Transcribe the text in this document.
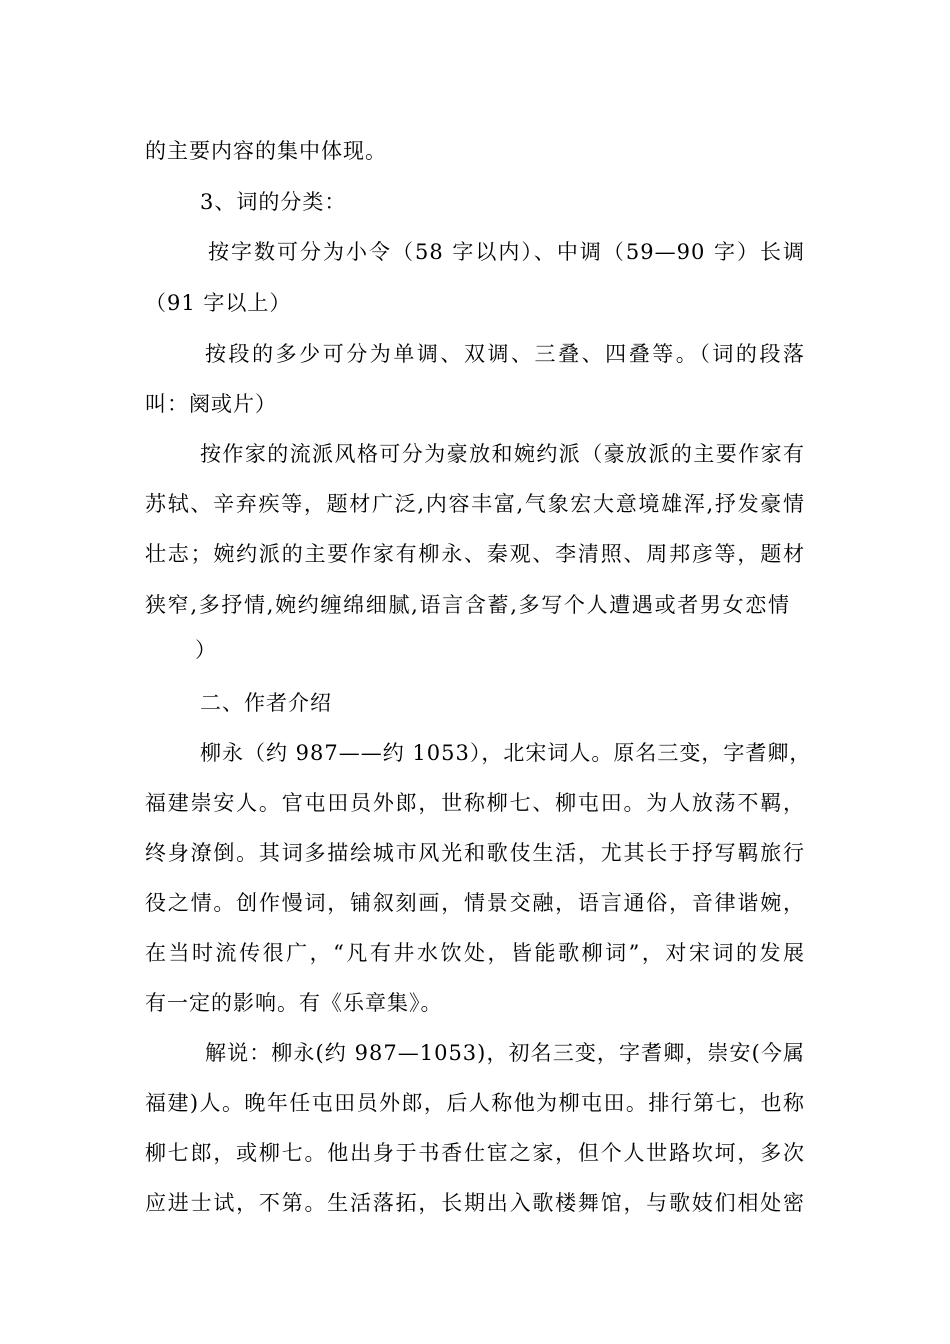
的主要内容的集中体现。
3、词的分类：
按字数可分为小令（58 字以内）、中调（59—90 字）长调
（91 字以上）
按段的多少可分为单调、双调、三叠、四叠等。（词的段落
叫：阕或片）
按作家的流派风格可分为豪放和婉约派（豪放派的主要作家有
苏轼、辛弃疾等，题材广泛,内容丰富,气象宏大意境雄浑,抒发豪情
壮志；婉约派的主要作家有柳永、秦观、李清照、周邦彦等，题材
狭窄,多抒情,婉约缠绵细腻,语言含蓄,多写个人遭遇或者男女恋情
）
二、作者介绍
柳永（约 987——约 1053），北宋词人。原名三变，字耆卿，
福建崇安人。官屯田员外郎，世称柳七、柳屯田。为人放荡不羁，
终身潦倒。其词多描绘城市风光和歌伎生活，尤其长于抒写羁旅行
役之情。创作慢词，铺叙刻画，情景交融，语言通俗，音律谐婉，
在当时流传很广，“凡有井水饮处，皆能歌柳词”，对宋词的发展
有一定的影响。有《乐章集》。
解说：柳永(约 987—1053)，初名三变，字耆卿，崇安(今属
福建)人。晚年任屯田员外郎，后人称他为柳屯田。排行第七，也称
柳七郎，或柳七。他出身于书香仕宦之家，但个人世路坎坷，多次
应进士试，不第。生活落拓，长期出入歌楼舞馆，与歌妓们相处密
